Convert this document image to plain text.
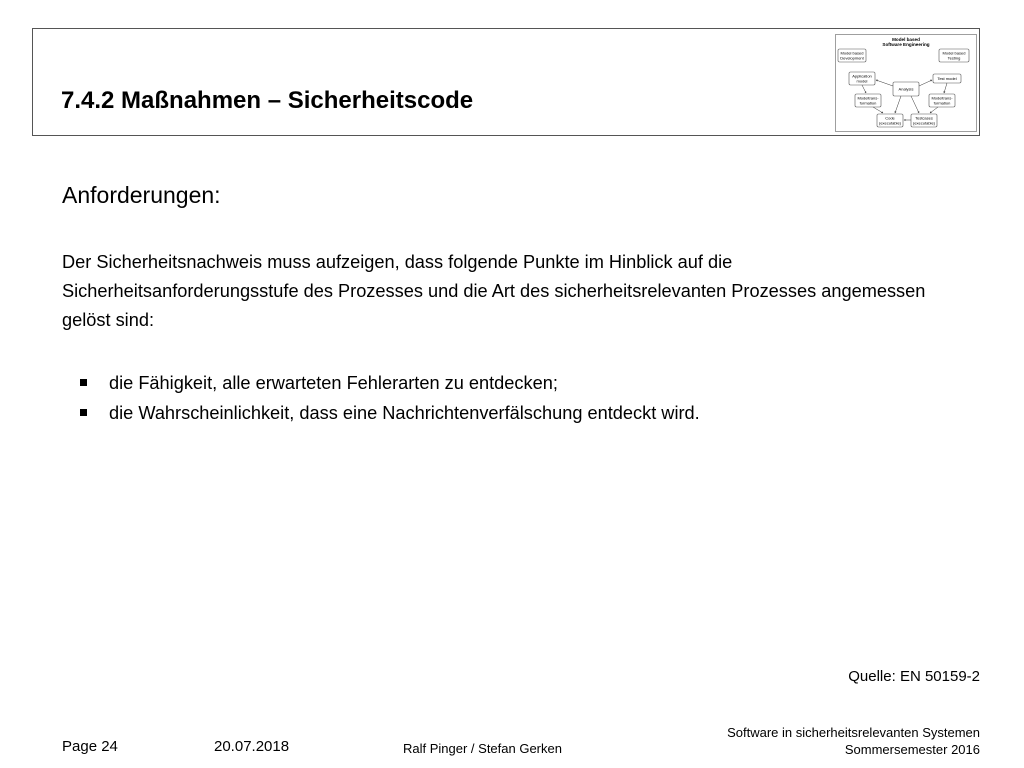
7.4.2 Maßnahmen – Sicherheitscode
Model based
Software Engineering
Model based
Development
Model based
Testing
Application
model	Test model
Analysis
Modeltrans-
formation
Modeltrans-
formation
Code
(executable)
Testcases
(executable)
Anforderungen:
Der Sicherheitsnachweis muss aufzeigen, dass folgende Punkte im Hinblick auf die Sicherheitsanforderungsstufe des Prozesses und die Art des sicherheitsrelevanten Prozesses angemessen gelöst sind:
die Fähigkeit, alle erwarteten Fehlerarten zu entdecken;
die Wahrscheinlichkeit, dass eine Nachrichtenverfälschung entdeckt wird.
Quelle: EN 50159-2
Page 24	20.07.2018	Ralf Pinger / Stefan Gerken
Software in sicherheitsrelevanten Systemen
Sommersemester 2016
